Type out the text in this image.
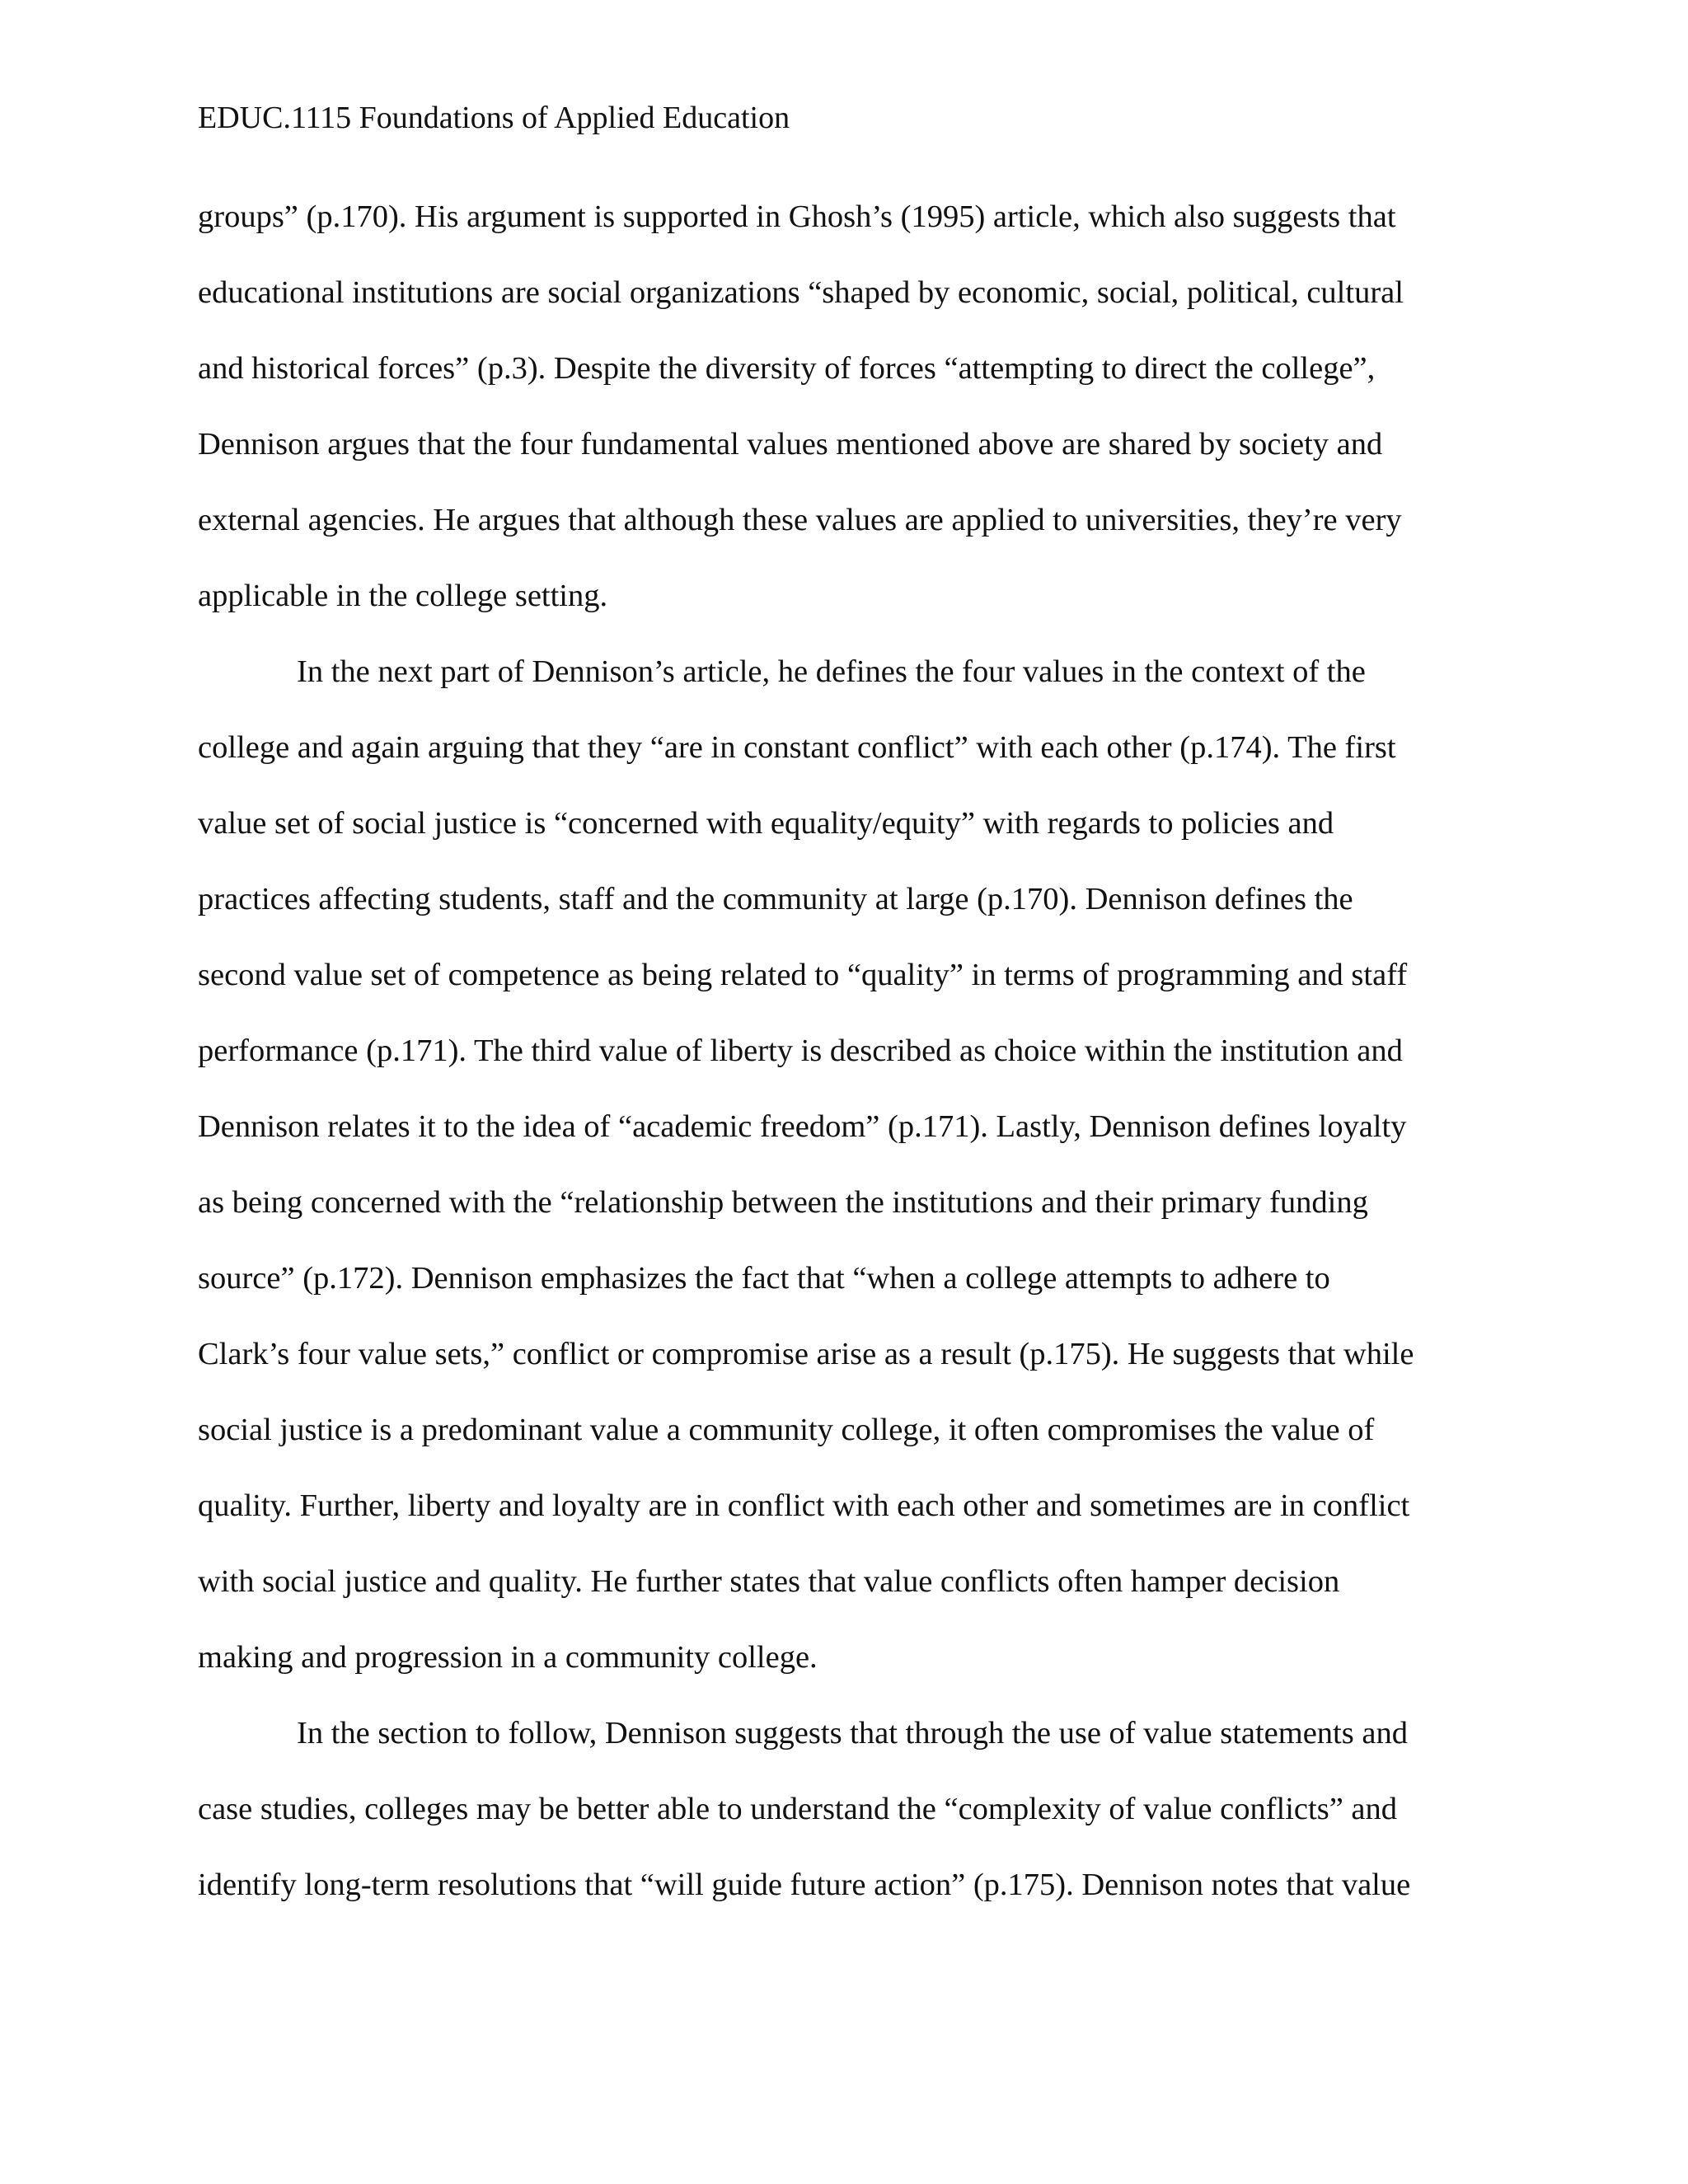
EDUC.1115 Foundations of Applied Education
groups” (p.170). His argument is supported in Ghosh’s (1995) article, which also suggests that
educational institutions are social organizations “shaped by economic, social, political, cultural
and historical forces” (p.3). Despite the diversity of forces “attempting to direct the college”,
Dennison argues that the four fundamental values mentioned above are shared by society and
external agencies. He argues that although these values are applied to universities, they’re very
applicable in the college setting.
In the next part of Dennison’s article, he defines the four values in the context of the
college and again arguing that they “are in constant conflict” with each other (p.174). The first
value set of social justice is “concerned with equality/equity” with regards to policies and
practices affecting students, staff and the community at large (p.170). Dennison defines the
second value set of competence as being related to “quality” in terms of programming and staff
performance (p.171). The third value of liberty is described as choice within the institution and
Dennison relates it to the idea of “academic freedom” (p.171). Lastly, Dennison defines loyalty
as being concerned with the “relationship between the institutions and their primary funding
source” (p.172). Dennison emphasizes the fact that “when a college attempts to adhere to
Clark’s four value sets,” conflict or compromise arise as a result (p.175). He suggests that while
social justice is a predominant value a community college, it often compromises the value of
quality. Further, liberty and loyalty are in conflict with each other and sometimes are in conflict
with social justice and quality. He further states that value conflicts often hamper decision
making and progression in a community college.
In the section to follow, Dennison suggests that through the use of value statements and
case studies, colleges may be better able to understand the “complexity of value conflicts” and
identify long-term resolutions that “will guide future action” (p.175). Dennison notes that value
